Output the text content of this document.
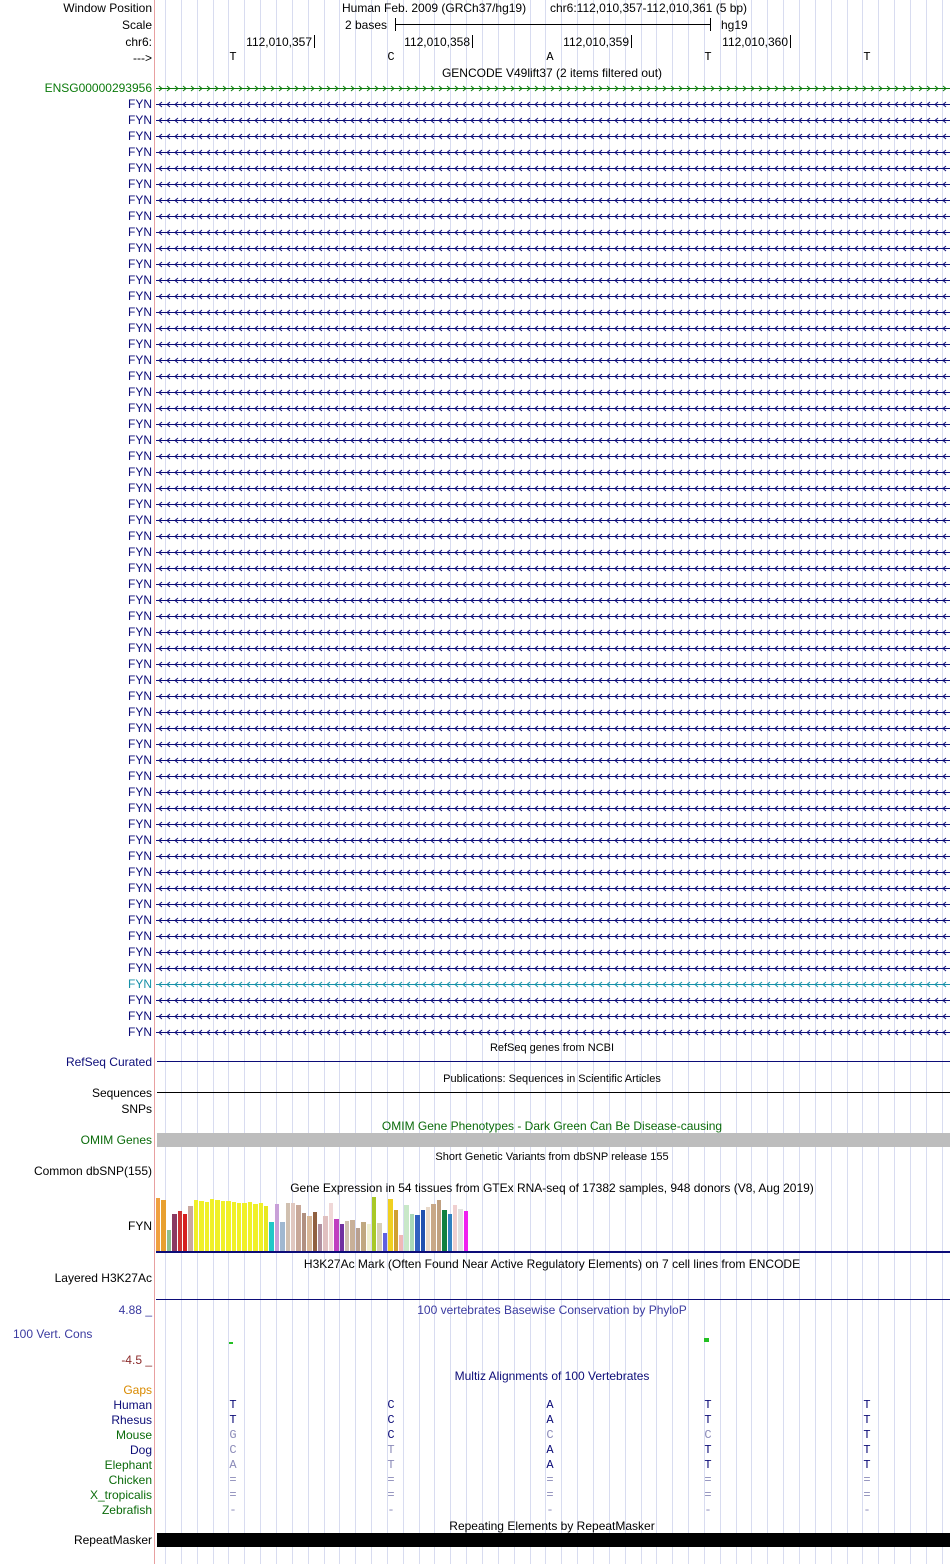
Window Position	Human Feb. 2009 (GRCh37/hg19) chr6:112,010,357-112,010,361 (5 bp)
Scale	2 bases	hg19
chr6:	112,010,357	112,010,358	112,010,359	112,010,360
--->	T	C	A	T	T
GENCODE V49lift37 (2 items filtered out)
ENSG00000293956
FYN
FYN
FYN
FYN
FYN
FYN
FYN
FYN
FYN
FYN
FYN
FYN
FYN
FYN
FYN
FYN
FYN
FYN
FYN
FYN
FYN
FYN
FYN
FYN
FYN
FYN
FYN
FYN
FYN
FYN
FYN
FYN
FYN
FYN
FYN
FYN
FYN
FYN
FYN
FYN
FYN
FYN
FYN
FYN
FYN
FYN
FYN
FYN
FYN
FYN
FYN
FYN
FYN
FYN
FYN
FYN
FYN
FYN
FYN
RefSeq genes from NCBI
RefSeq Curated
Publications: Sequences in Scientific Articles
Sequences
SNPs
OMIM Gene Phenotypes - Dark Green Can Be Disease-causing
OMIM Genes
Short Genetic Variants from dbSNP release 155
Common dbSNP(155)
Gene Expression in 54 tissues from GTEx RNA-seq of 17382 samples, 948 donors (V8, Aug 2019)
FYN
H3K27Ac Mark (Often Found Near Active Regulatory Elements) on 7 cell lines from ENCODE
Layered H3K27Ac
100 vertebrates Basewise Conservation by PhyloP
4.88 _
100 Vert. Cons
-4.5 _
Multiz Alignments of 100 Vertebrates
Gaps
Human	T	C	A	T	T
Rhesus	T	C	A	T	T
Mouse	G	C	C	C	T
Dog	C	T	A	T	T
Elephant	A	T	A	T	T
Chicken	=	=	=	=	=
X_tropicalis	=	=	=	=	=
Zebrafish	-	-	-	-	-
Repeating Elements by RepeatMasker
RepeatMasker
